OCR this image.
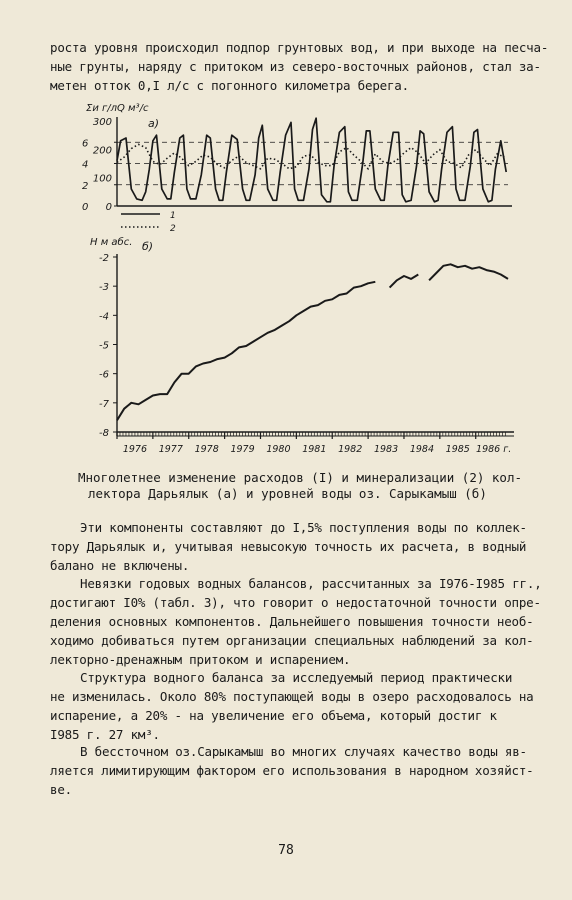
роста уровня происходил подпор грунтовых вод, и при выходе на песча-
ные грунты, наряду с притоком из северо-восточных районов, стал за-
метен отток 0,I л/с с погонного километра берега.

Σи г/л Q м³/с
а)
0
2
4
6
0
100
200
300
1
2
Н м абс. б)
-2
-3
-4
-5
-6
-7
-8
1976 1977 1978 1979 1980 1981 1982 1983 1984 1985 1986 г.

Многолетнее изменение расходов (I) и минерализации (2) кол-
лектора Дарьялык (а) и уровней воды оз. Сарыкамыш (б)

Эти компоненты составляют до I,5% поступления воды по коллек-
тору Дарьялык и, учитывая невысокую точность их расчета, в водный
балано не включены.

Невязки годовых водных балансов, рассчитанных за I976-I985 гг.,
достигают I0% (табл. 3), что говорит о недостаточной точности опре-
деления основных компонентов. Дальнейшего повышения точности необ-
ходимо добиваться путем организации специальных наблюдений за кол-
лекторно-дренажным притоком и испарением.

Структура водного баланса за исследуемый период практически
не изменилась. Около 80% поступающей воды в озеро расходовалось на
испарение, а 20% - на увеличение его объема, который достиг к
I985 г. 27 км³.

В бессточном оз.Сарыкамыш во многих случаях качество воды яв-
ляется лимитирующим фактором его использования в народном хозяйст-
ве.

78
